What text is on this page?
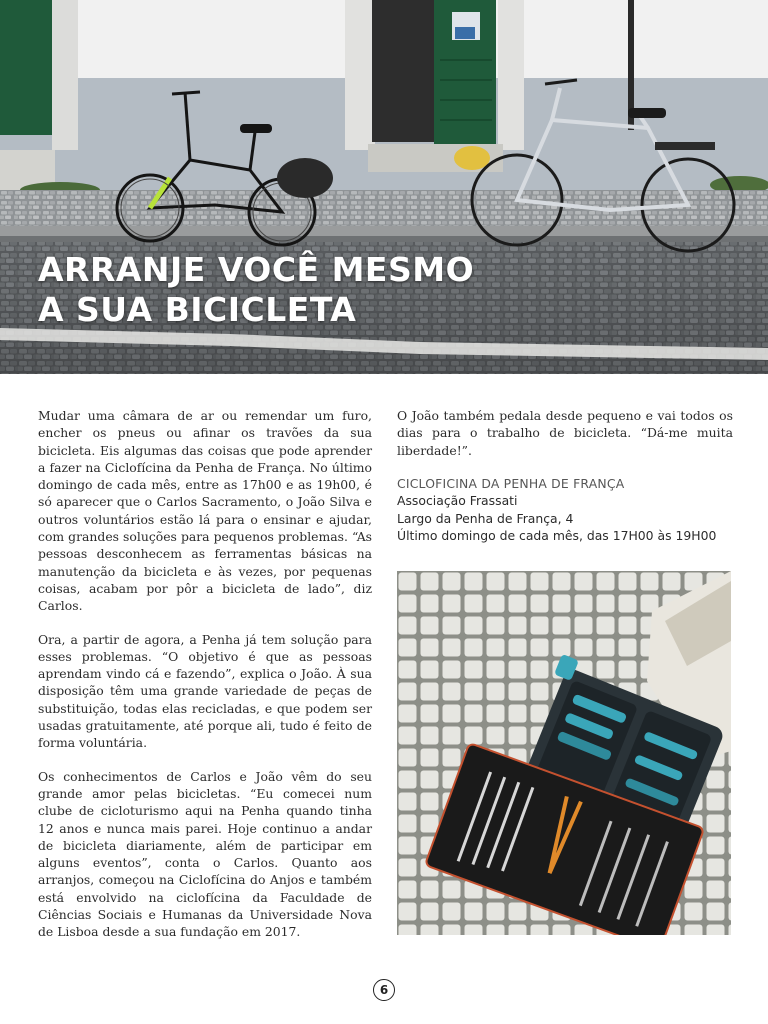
ARRANJE VOCÊ MESMO
A SUA BICICLETA

Mudar uma câmara de ar ou remendar um furo, encher os pneus ou afinar os travões da sua bicicleta. Eis algumas das coisas que pode aprender a fazer na Ciclofícina da Penha de França. No último domingo de cada mês, entre as 17h00 e as 19h00, é só aparecer que o Carlos Sacramento, o João Silva e outros voluntários estão lá para o ensinar e ajudar, com grandes soluções para pequenos problemas. “As pessoas desconhecem as ferramentas básicas na manutenção da bicicleta e às vezes, por pequenas coisas, acabam por pôr a bicicleta de lado”, diz Carlos.

Ora, a partir de agora, a Penha já tem solução para esses problemas. “O objetivo é que as pessoas aprendam vindo cá e fazendo”, explica o João. À sua disposição têm uma grande variedade de peças de substituição, todas elas recicladas, e que podem ser usadas gratuitamente, até porque ali, tudo é feito de forma voluntária.

Os conhecimentos de Carlos e João vêm do seu grande amor pelas bicicletas. “Eu comecei num clube de cicloturismo aqui na Penha quando tinha 12 anos e nunca mais parei. Hoje continuo a andar de bicicleta diariamente, além de participar em alguns eventos”, conta o Carlos. Quanto aos arranjos, começou na Ciclofícina do Anjos e também está envolvido na ciclofícina da Faculdade de Ciências Sociais e Humanas da Universidade Nova de Lisboa desde a sua fundação em 2017.

O João também pedala desde pequeno e vai todos os dias para o trabalho de bicicleta. “Dá-me muita liberdade!”.

CICLOFICINA DA PENHA DE FRANÇA
Associação Frassati
Largo da Penha de França, 4
Último domingo de cada mês, das 17H00 às 19H00
6
